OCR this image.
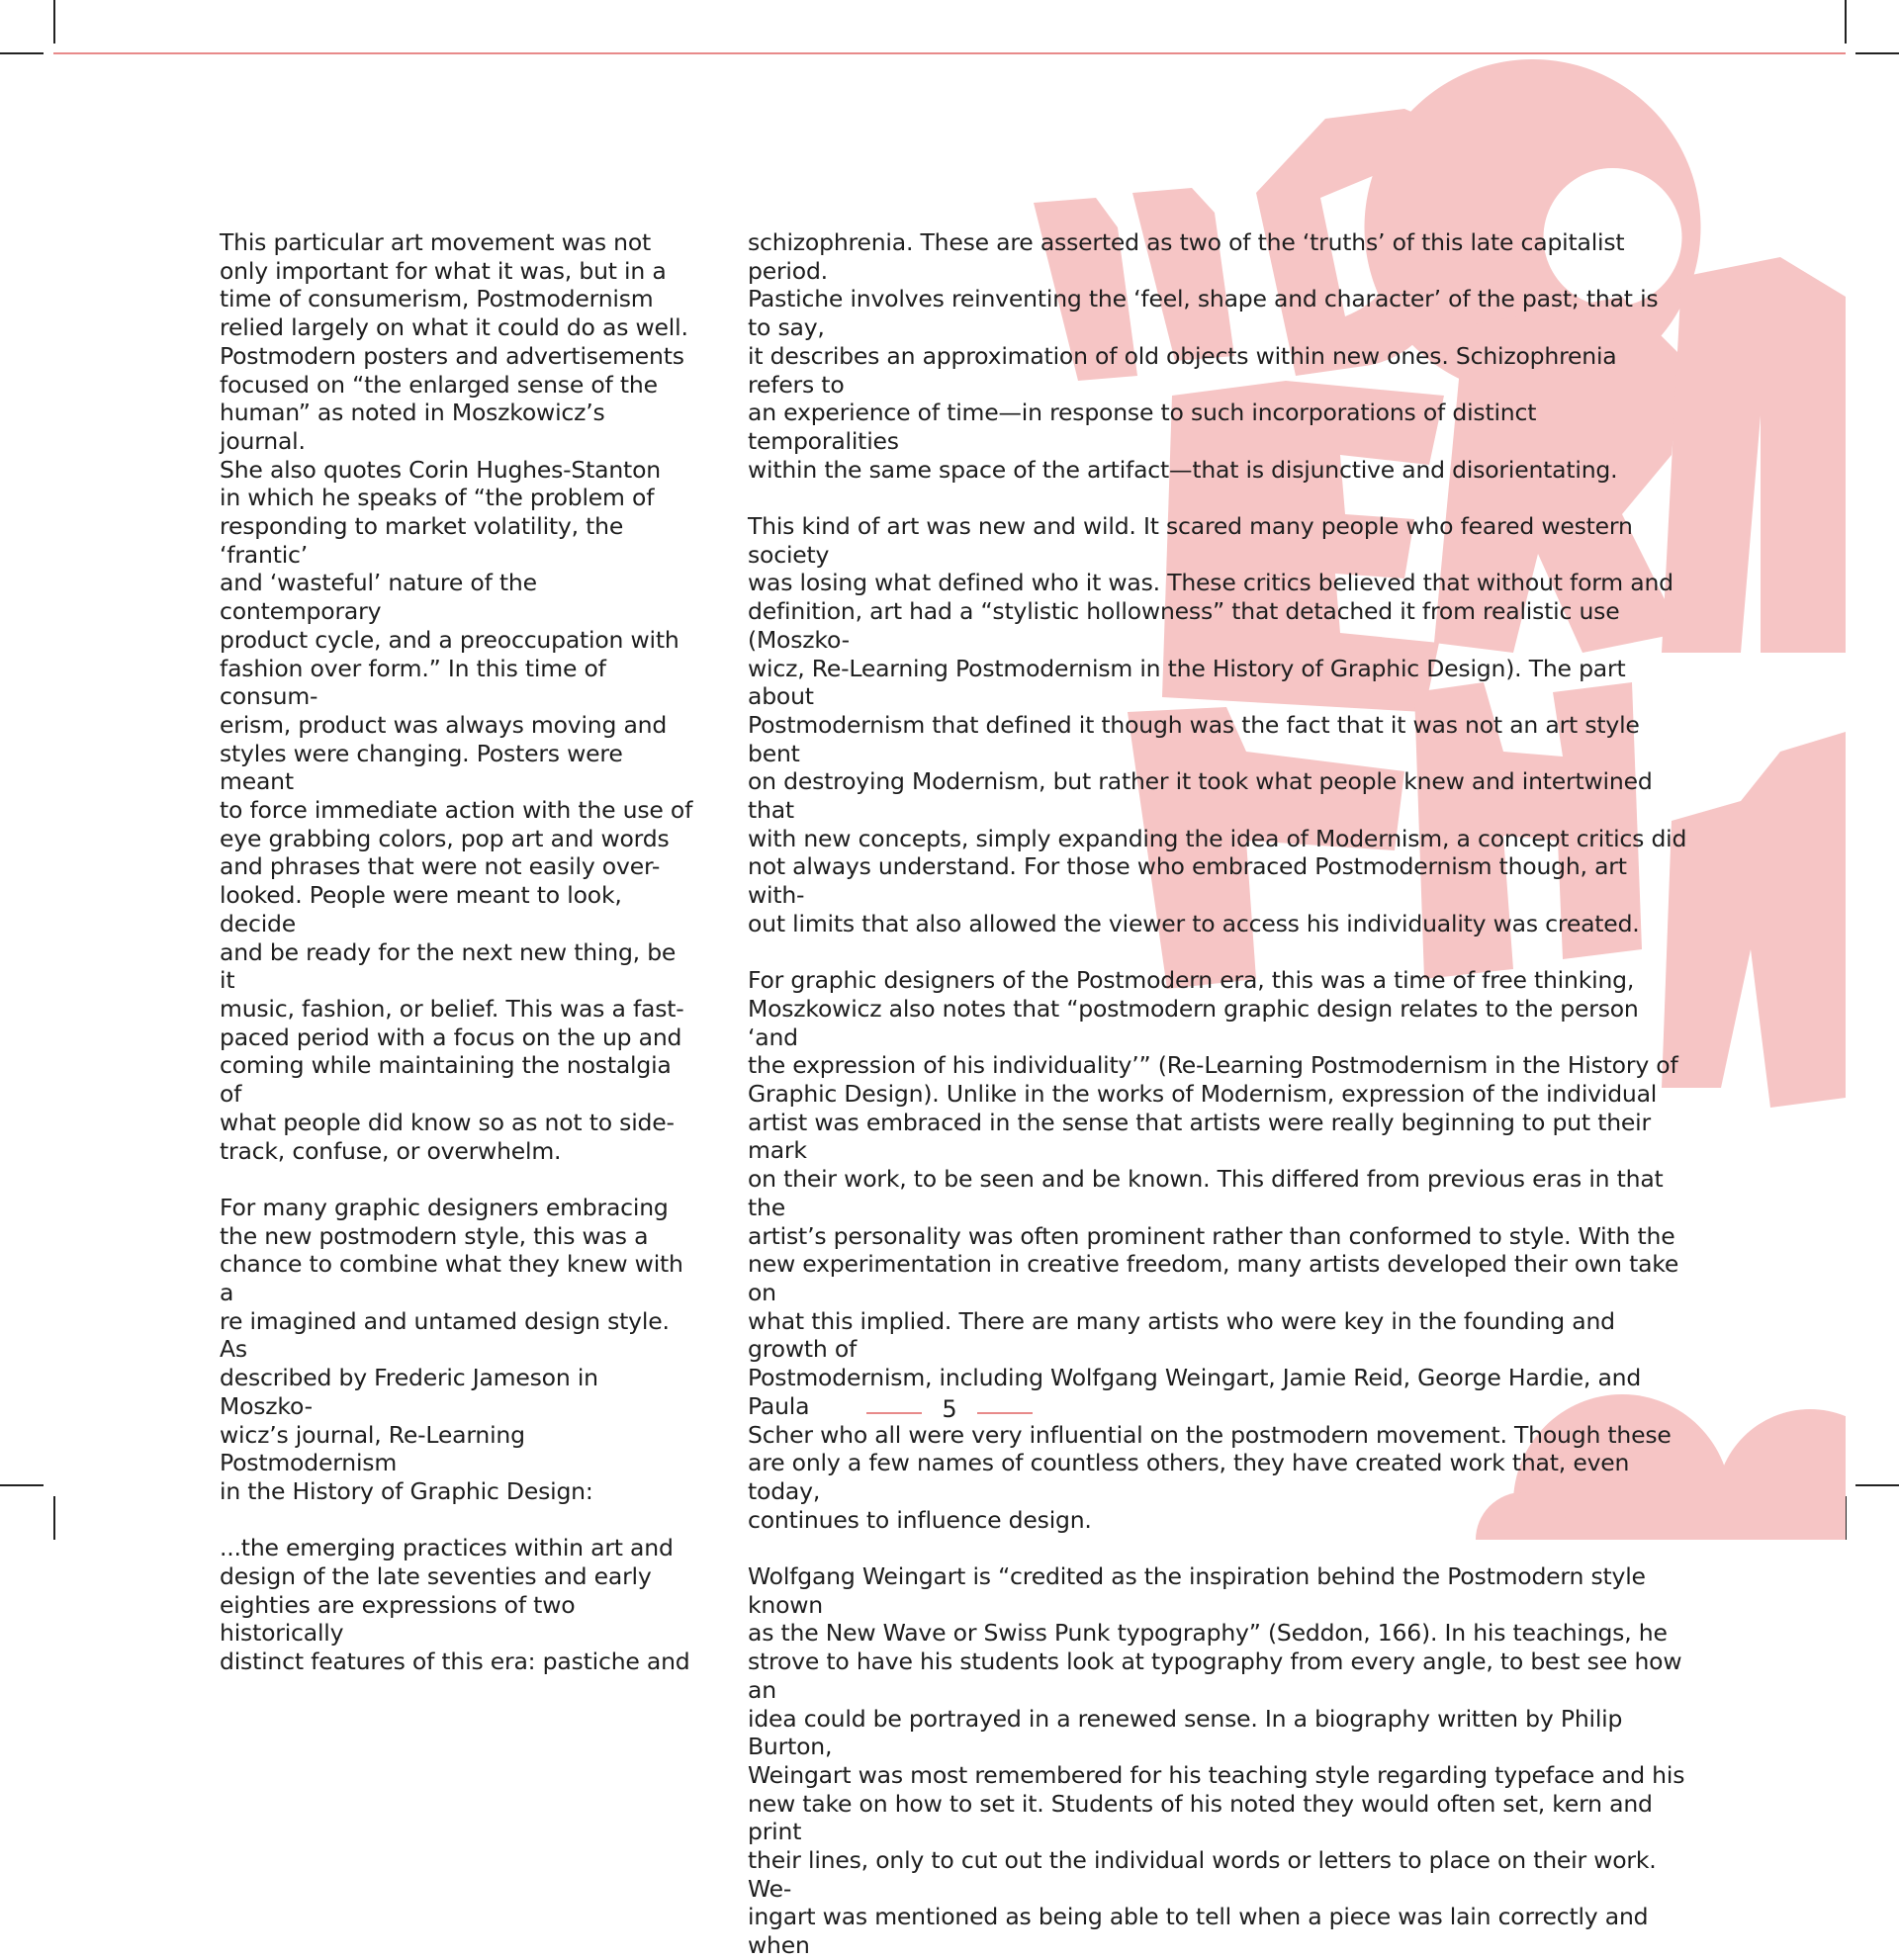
This particular art movement was not
only important for what it was, but in a
time of consumerism, Postmodernism
relied largely on what it could do as well.
Postmodern posters and advertisements
focused on “the enlarged sense of the
human” as noted in Moszkowicz’s journal.
She also quotes Corin Hughes-Stanton
in which he speaks of “the problem of
responding to market volatility, the ‘frantic’
and ‘wasteful’ nature of the contemporary
product cycle, and a preoccupation with
fashion over form.” In this time of consum-
erism, product was always moving and
styles were changing. Posters were meant
to force immediate action with the use of
eye grabbing colors, pop art and words
and phrases that were not easily over-
looked. People were meant to look, decide
and be ready for the next new thing, be it
music, fashion, or belief. This was a fast-
paced period with a focus on the up and
coming while maintaining the nostalgia of
what people did know so as not to side-
track, confuse, or overwhelm.

For many graphic designers embracing
the new postmodern style, this was a
chance to combine what they knew with a
re imagined and untamed design style. As
described by Frederic Jameson in Moszko-
wicz’s journal, Re-Learning Postmodernism
in the History of Graphic Design:

...the emerging practices within art and
design of the late seventies and early
eighties are expressions of two historically
distinct features of this era: pastiche and

schizophrenia. These are asserted as two of the ‘truths’ of this late capitalist period.
Pastiche involves reinventing the ‘feel, shape and character’ of the past; that is to say,
it describes an approximation of old objects within new ones. Schizophrenia refers to
an experience of time—in response to such incorporations of distinct temporalities
within the same space of the artifact—that is disjunctive and disorientating.

This kind of art was new and wild. It scared many people who feared western society
was losing what defined who it was. These critics believed that without form and
definition, art had a “stylistic hollowness” that detached it from realistic use (Moszko-
wicz, Re-Learning Postmodernism in the History of Graphic Design). The part about
Postmodernism that defined it though was the fact that it was not an art style bent
on destroying Modernism, but rather it took what people knew and intertwined that
with new concepts, simply expanding the idea of Modernism, a concept critics did
not always understand. For those who embraced Postmodernism though, art with-
out limits that also allowed the viewer to access his individuality was created.

For graphic designers of the Postmodern era, this was a time of free thinking,
Moszkowicz also notes that “postmodern graphic design relates to the person ‘and
the expression of his individuality’” (Re-Learning Postmodernism in the History of
Graphic Design). Unlike in the works of Modernism, expression of the individual
artist was embraced in the sense that artists were really beginning to put their mark
on their work, to be seen and be known. This differed from previous eras in that the
artist’s personality was often prominent rather than conformed to style. With the
new experimentation in creative freedom, many artists developed their own take on
what this implied. There are many artists who were key in the founding and growth of
Postmodernism, including Wolfgang Weingart, Jamie Reid, George Hardie, and Paula
Scher who all were very influential on the postmodern movement. Though these
are only a few names of countless others, they have created work that, even today,
continues to influence design.

Wolfgang Weingart is “credited as the inspiration behind the Postmodern style known
as the New Wave or Swiss Punk typography” (Seddon, 166). In his teachings, he
strove to have his students look at typography from every angle, to best see how an
idea could be portrayed in a renewed sense. In a biography written by Philip Burton,
Weingart was most remembered for his teaching style regarding typeface and his
new take on how to set it. Students of his noted they would often set, kern and print
their lines, only to cut out the individual words or letters to place on their work. We-
ingart was mentioned as being able to tell when a piece was lain correctly and when

5
